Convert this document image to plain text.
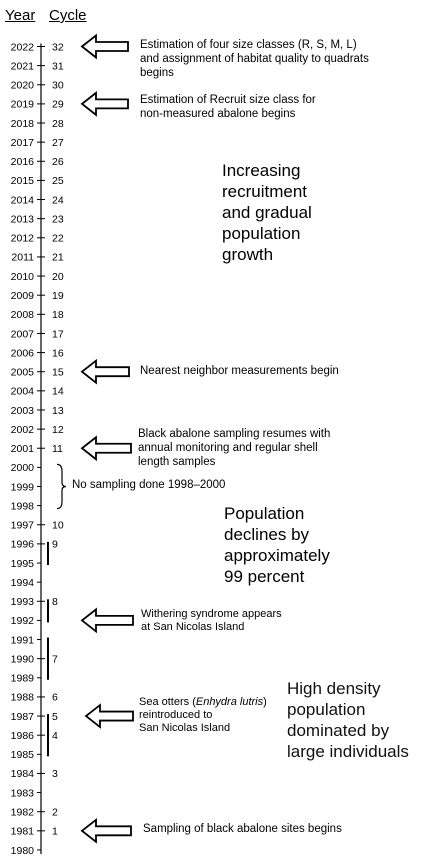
Year Cycle
1980
1981
1982
1983
1984
1985
1986
1987
1988
1989
1990
1991
1992
1993
1994
1995
1996
1997
1998
1999
2000
2001
2002
2003
2004
2005
2006
2007
2008
2009
2010
2011
2012
2013
2014
2015
2016
2017
2018
2019
2020
2021
2022
1
2
3
4
5
6
7
8
9
10
11
12
13
14
15
16
17
18
19
20
21
22
23
24
25
26
27
28
29
30
31
32	Estimation of four size classes (R, S, M, L)
and assignment of habitat quality to quadrats
begins
Estimation of Recruit size class for
non-measured abalone begins
Nearest neighbor measurements begin
Black abalone sampling resumes with
annual monitoring and regular shell
length samples
No sampling done 1998–2000
Withering syndrome appears
at San Nicolas Island
Sea otters (Enhydra lutris)
reintroduced to
San Nicolas Island
Sampling of black abalone sites begins
Increasing
recruitment
and gradual
population
growth
Population
declines by
approximately
99 percent
High density
population
dominated by
large individuals
